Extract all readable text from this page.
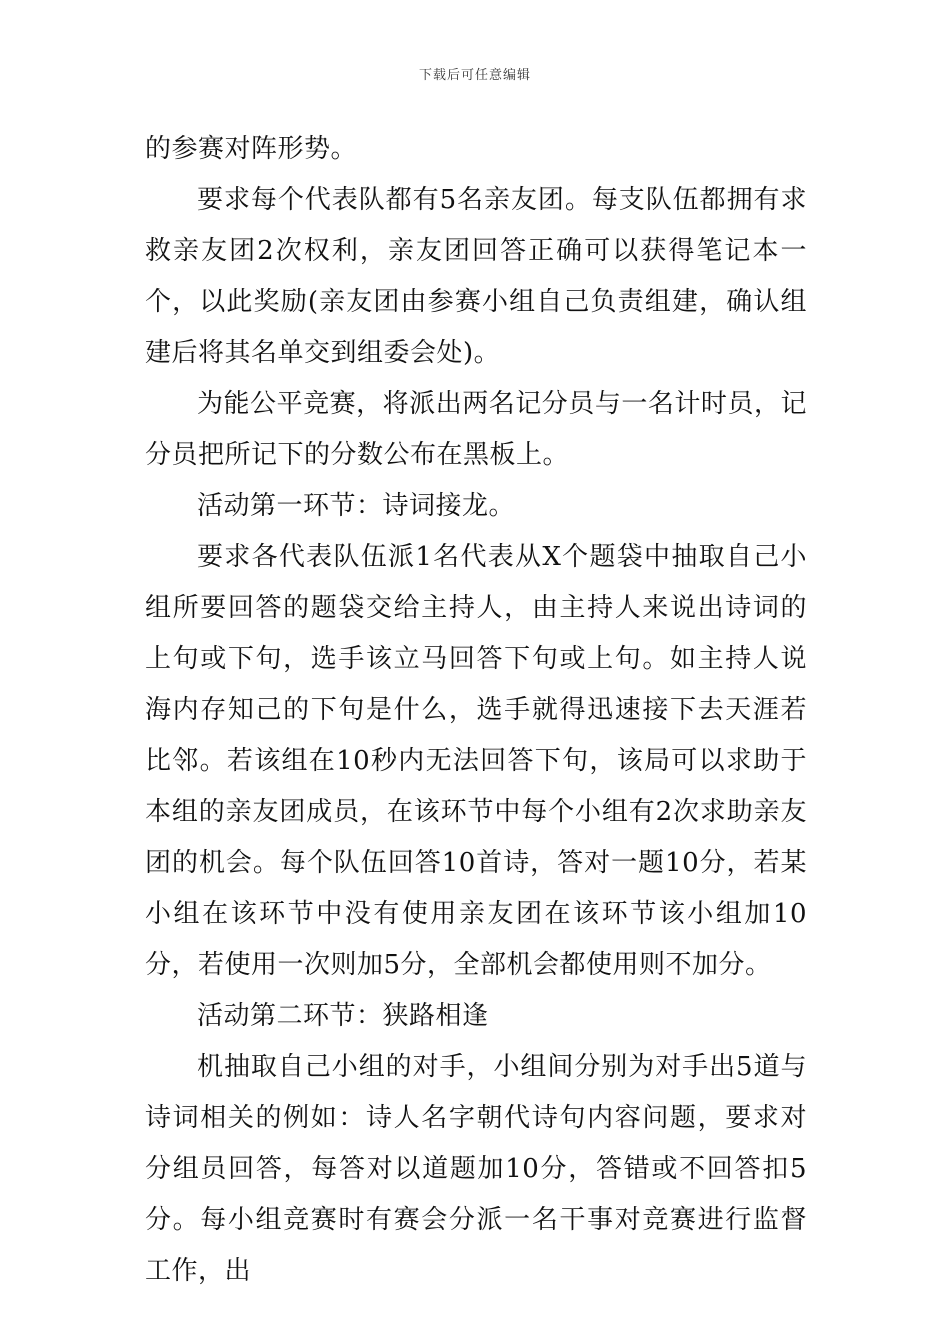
下载后可任意编辑

的参赛对阵形势。

要求每个代表队都有5名亲友团。每支队伍都拥有求救亲友团2次权利，亲友团回答正确可以获得笔记本一个，以此奖励(亲友团由参赛小组自己负责组建，确认组建后将其名单交到组委会处)。

为能公平竞赛，将派出两名记分员与一名计时员，记分员把所记下的分数公布在黑板上。

活动第一环节：诗词接龙。

要求各代表队伍派1名代表从X个题袋中抽取自己小组所要回答的题袋交给主持人，由主持人来说出诗词的上句或下句，选手该立马回答下句或上句。如主持人说海内存知己的下句是什么，选手就得迅速接下去天涯若比邻。若该组在10秒内无法回答下句，该局可以求助于本组的亲友团成员，在该环节中每个小组有2次求助亲友团的机会。每个队伍回答10首诗，答对一题10分，若某小组在该环节中没有使用亲友团在该环节该小组加10分，若使用一次则加5分，全部机会都使用则不加分。

活动第二环节：狭路相逢

机抽取自己小组的对手，小组间分别为对手出5道与诗词相关的例如：诗人名字朝代诗句内容问题，要求对分组员回答，每答对以道题加10分，答错或不回答扣5分。每小组竞赛时有赛会分派一名干事对竞赛进行监督工作，出
